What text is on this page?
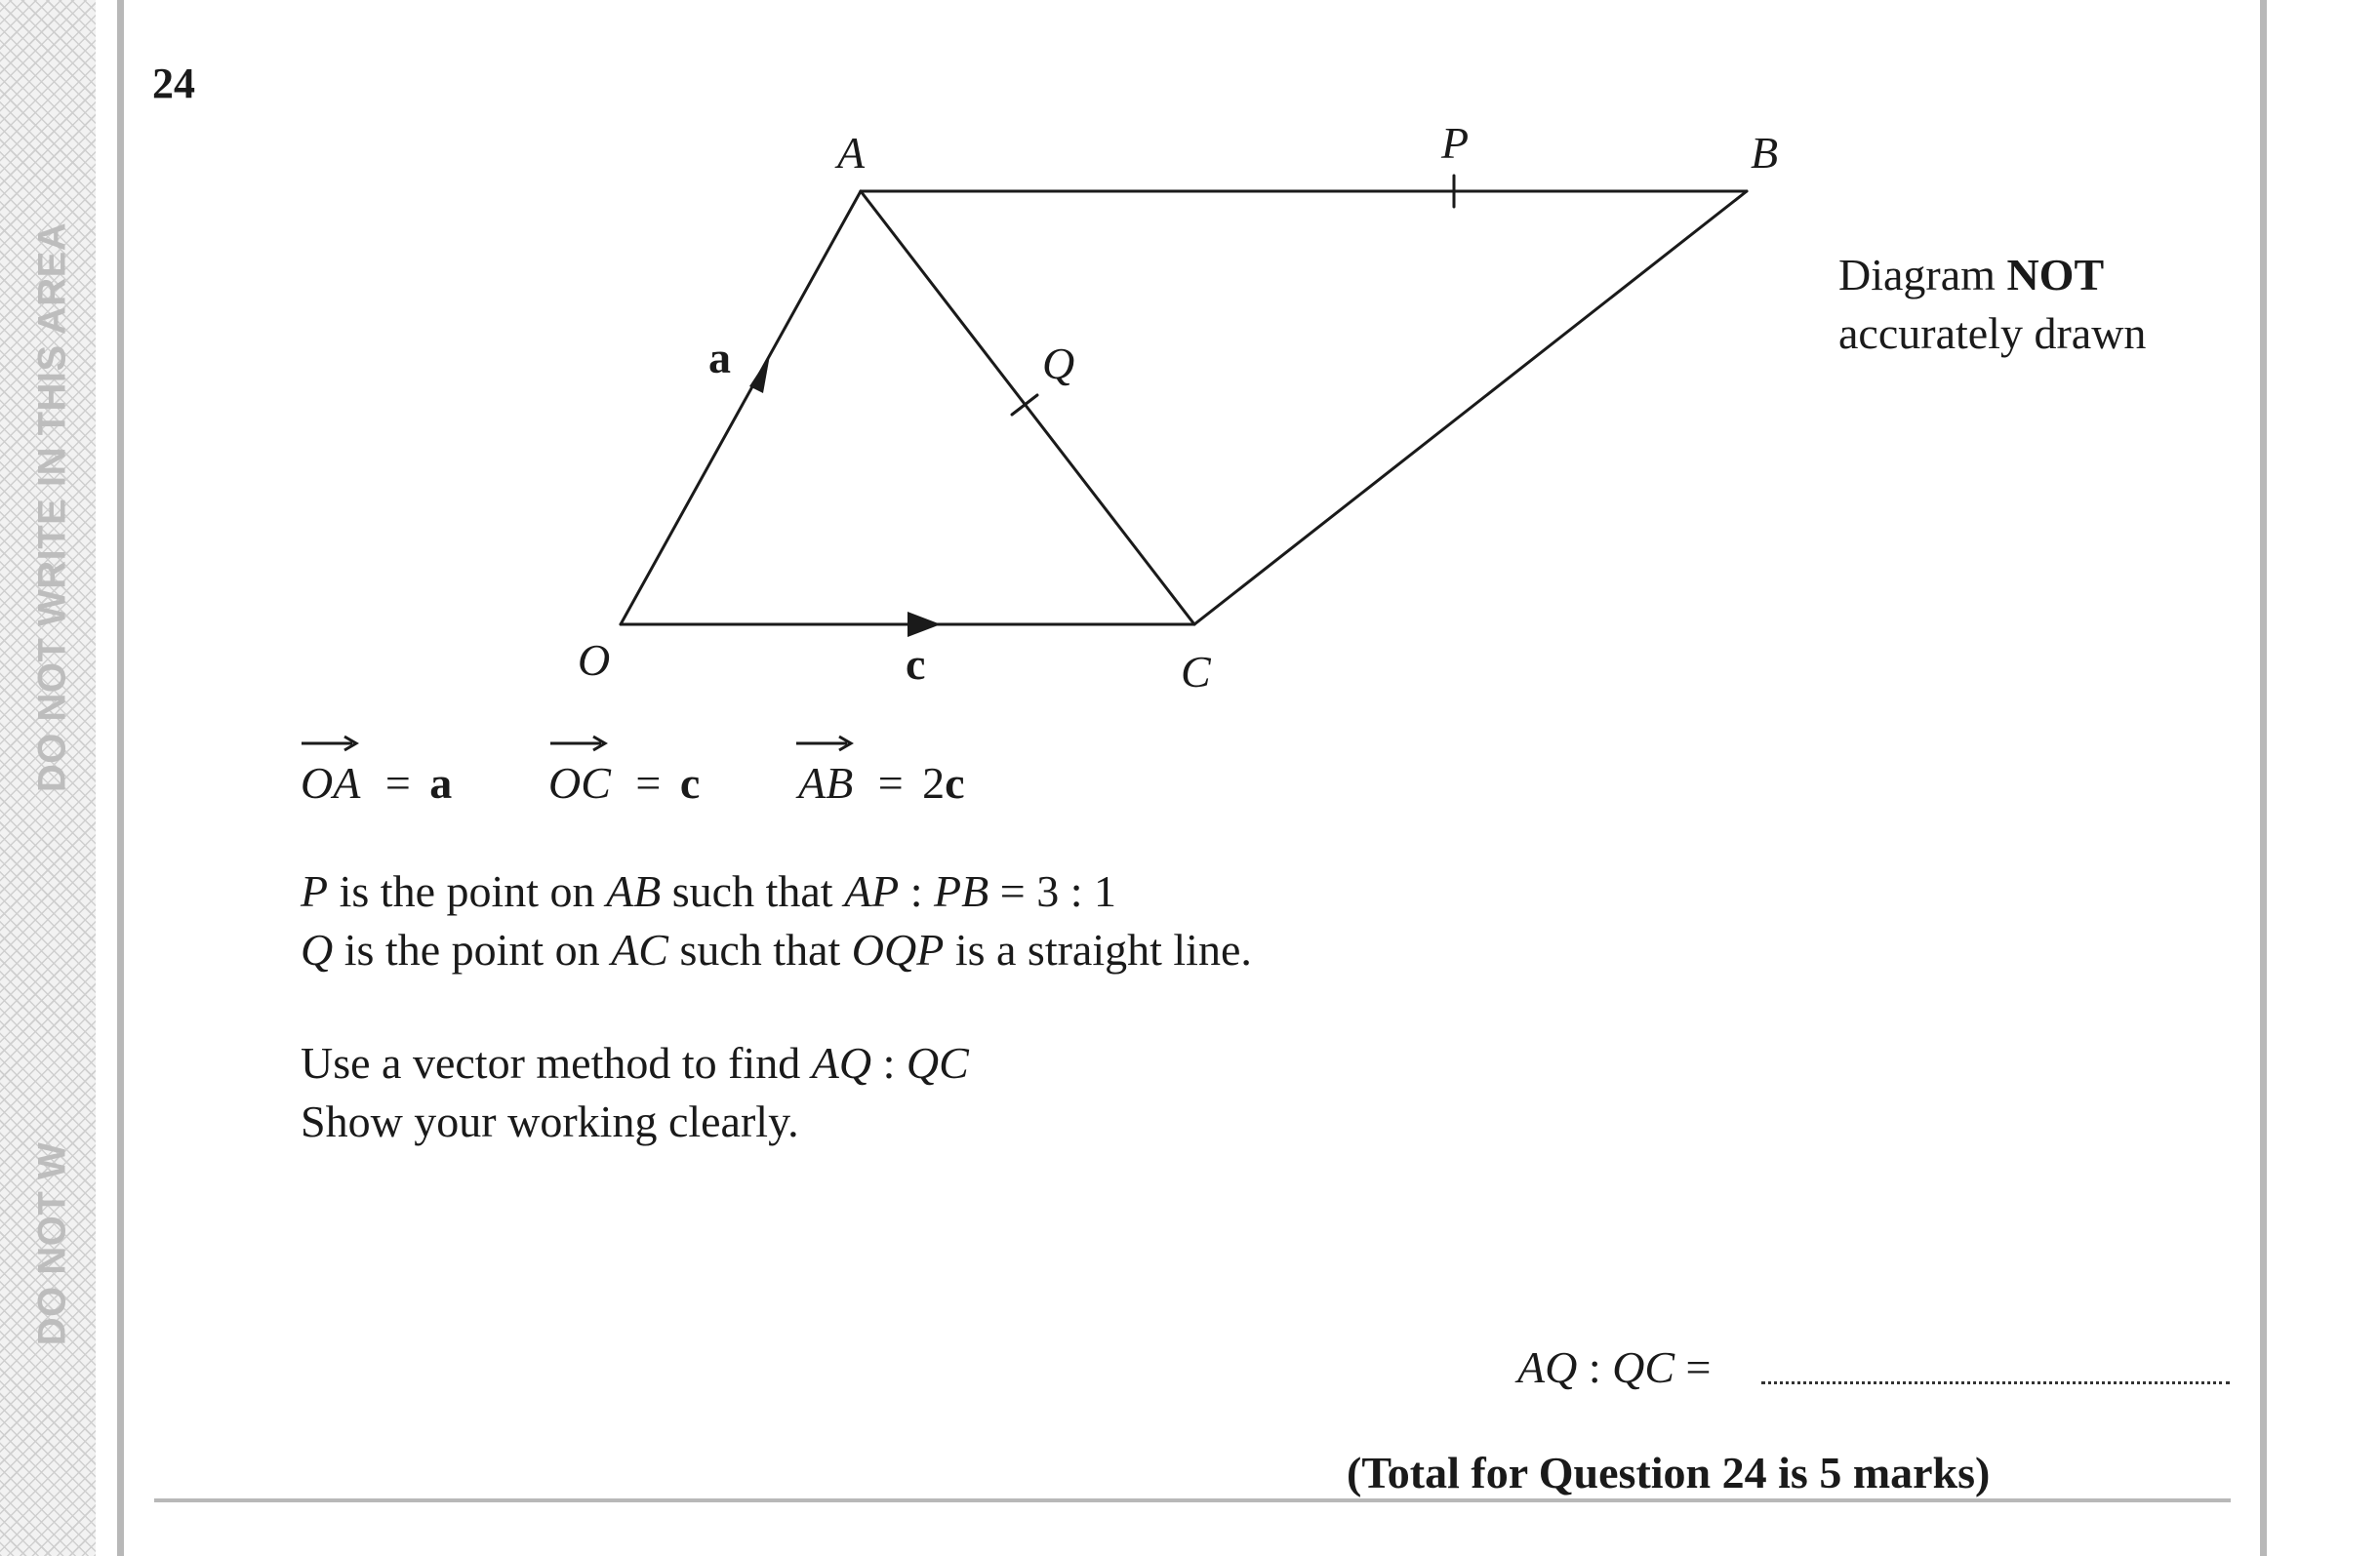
DO NOT WRITE IN THIS AREA
DO NOT W
24
A	P	B
Q
O	C
a
c
Diagram NOT
accurately drawn
OA = a OC = c AB = 2c
P is the point on AB such that AP : PB = 3 : 1
Q is the point on AC such that OQP is a straight line.
Use a vector method to find AQ : QC
Show your working clearly.
AQ : QC =
(Total for Question 24 is 5 marks)
